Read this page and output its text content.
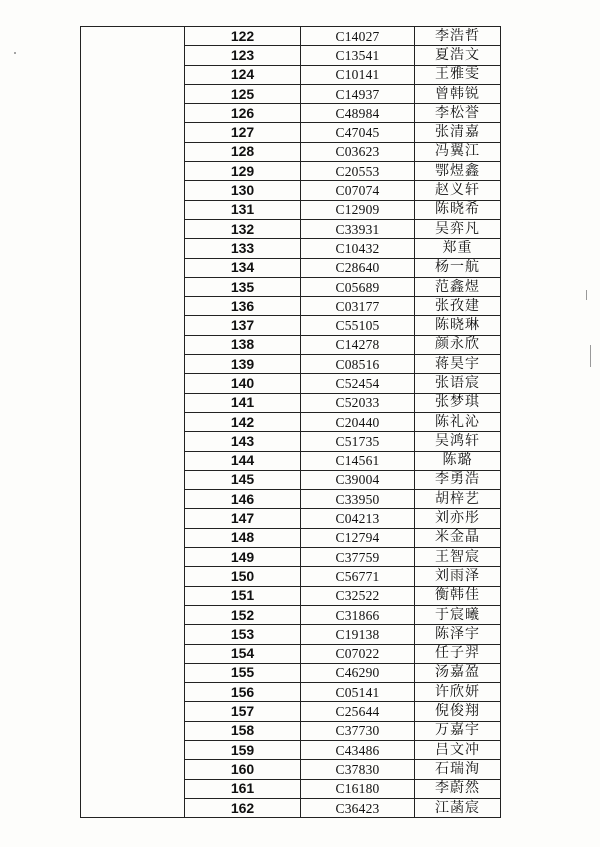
	122	C14027	李浩哲
	123	C13541	夏浩文
	124	C10141	王雅雯
	125	C14937	曾韩锐
	126	C48984	李松誉
	127	C47045	张清嘉
	128	C03623	冯翼江
	129	C20553	鄂煜鑫
	130	C07074	赵义轩
	131	C12909	陈晓希
	132	C33931	吴弈凡
	133	C10432	郑重
	134	C28640	杨一航
	135	C05689	范鑫煜
	136	C03177	张孜建
	137	C55105	陈晓琳
	138	C14278	颜永欣
	139	C08516	蒋昊宇
	140	C52454	张语宸
	141	C52033	张梦琪
	142	C20440	陈礼沁
	143	C51735	吴鸿轩
	144	C14561	陈璐
	145	C39004	李勇浩
	146	C33950	胡梓艺
	147	C04213	刘亦彤
	148	C12794	米金晶
	149	C37759	王智宸
	150	C56771	刘雨泽
	151	C32522	衡韩佳
	152	C31866	于宸曦
	153	C19138	陈泽宇
	154	C07022	任子羿
	155	C46290	汤嘉盈
	156	C05141	许欣妍
	157	C25644	倪俊翔
	158	C37730	万嘉宇
	159	C43486	吕文冲
	160	C37830	石瑞洵
	161	C16180	李蔚然
	162	C36423	江菡宸
